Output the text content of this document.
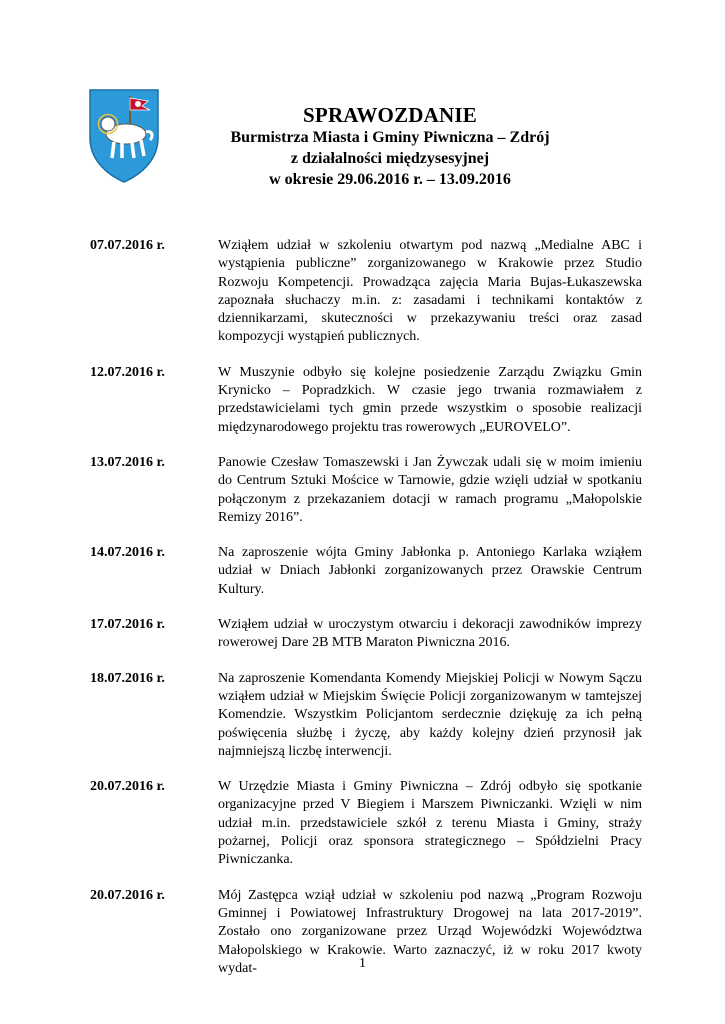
SPRAWOZDANIE
Burmistrza Miasta i Gminy Piwniczna – Zdrój
z działalności międzysesyjnej
w okresie 29.06.2016 r. – 13.09.2016
07.07.2016 r.	Wziąłem udział w szkoleniu otwartym pod nazwą „Medialne ABC i wystąpienia publiczne” zorganizowanego w Krakowie przez Studio Rozwoju Kompetencji. Prowadząca zajęcia Maria Bujas-Łukaszewska zapoznała słuchaczy m.in. z: zasadami i technikami kontaktów z dziennikarzami, skuteczności w przekazywaniu treści oraz zasad kompozycji wystąpień publicznych.
12.07.2016 r.	W Muszynie odbyło się kolejne posiedzenie Zarządu Związku Gmin Krynicko – Popradzkich. W czasie jego trwania rozmawiałem z przedstawicielami tych gmin przede wszystkim o sposobie realizacji międzynarodowego projektu tras rowerowych „EUROVELO”.
13.07.2016 r.	Panowie Czesław Tomaszewski i Jan Żywczak udali się w moim imieniu do Centrum Sztuki Mościce w Tarnowie, gdzie wzięli udział w spotkaniu połączonym z przekazaniem dotacji w ramach programu „Małopolskie Remizy 2016”.
14.07.2016 r.	Na zaproszenie wójta Gminy Jabłonka p. Antoniego Karlaka wziąłem udział w Dniach Jabłonki zorganizowanych przez Orawskie Centrum Kultury.
17.07.2016 r.	Wziąłem udział w uroczystym otwarciu i dekoracji zawodników imprezy rowerowej Dare 2B MTB Maraton Piwniczna 2016.
18.07.2016 r.	Na zaproszenie Komendanta Komendy Miejskiej Policji w Nowym Sączu wziąłem udział w Miejskim Święcie Policji zorganizowanym w tamtejszej Komendzie. Wszystkim Policjantom serdecznie dziękuję za ich pełną poświęcenia służbę i życzę, aby każdy kolejny dzień przynosił jak najmniejszą liczbę interwencji.
20.07.2016 r.	W Urzędzie Miasta i Gminy Piwniczna – Zdrój odbyło się spotkanie organizacyjne przed V Biegiem i Marszem Piwniczanki. Wzięli w nim udział m.in. przedstawiciele szkół z terenu Miasta i Gminy, straży pożarnej, Policji oraz sponsora strategicznego – Spółdzielni Pracy Piwniczanka.
20.07.2016 r.	Mój Zastępca wziął udział w szkoleniu pod nazwą „Program Rozwoju Gminnej i Powiatowej Infrastruktury Drogowej na lata 2017-2019”. Zostało ono zorganizowane przez Urząd Wojewódzki Województwa Małopolskiego w Krakowie. Warto zaznaczyć, iż w roku 2017 kwoty wydat-	1
